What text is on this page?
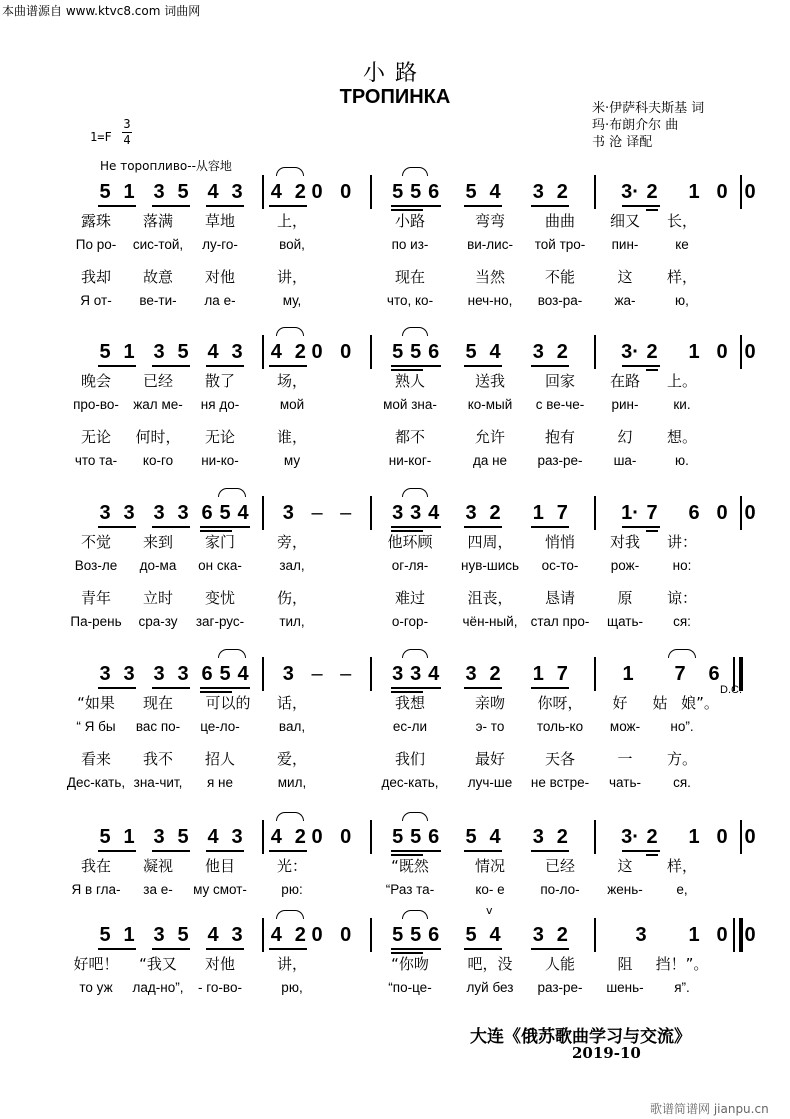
本曲谱源自 www.ktvc8.com 词曲网
小路
ТРОПИНКА
米·伊萨科夫斯基 词
玛·布朗介尔 曲
书 沧 译配
1=F
3
4
Не торопливо--从容地
5 1 3 5 4 3 4 2 0 0 5 5 6 5 4 3 2	3· 2 1 0 0
露珠 落满 草地	上，	小路	弯弯	曲曲 细又 长，
По ро- сис-той, лу-го-	вой,	по из-	ви-лис- той тро- пин-	ке
我却 故意 对他	讲，	现在	当然	不能	这 样，
Я от- ве-ти- ла е-	му,	что, ко-	неч-но, воз-ра- жа-	ю,
5 1 3 5 4 3 4 2 0 0 5 5 6 5 4 3 2	3· 2 1 0 0
晚会 已经 散了	场，	熟人	送我	回家 在路 上。
про-во- жал ме- ня до-	мой	мой зна- ко-мый с ве-че- рин-	ки.
无论 何时， 无论	谁，	都不	允许	抱有	幻 想。
что та- ко-го ни-ко-	му	ни-ког-	да не раз-ре- ша-	ю.
3 3 3 3 6 5 4 3 – – 3 3 4 3 2 1 7	1· 7 6 0 0
不觉 来到 家门	旁，	他环顾 四周， 悄悄 对我 讲：
Воз-ле до-ма он ска-	зал,	ог-ля- нув-шись ос-то- рож- но:
青年 立时 变忧	伤，	难过	沮丧， 恳请	原 谅：
Па-рень сра-зу заг-рус-	тил,	о-гор-	чён-ный, стал про- щать- ся:
3 3 3 3 6 5 4 3 – – 3 3 4 3 2 1 7	1 7 6
D.C.
“如果 现在 可以的 话，	我想	亲吻 你呀， 好 姑 娘”。
“ Я бы вас по- це-ло-	вал,	ес-ли	э- то толь-ко мож- но”.
看来 我不 招人	爱，	我们	最好	天各	一 方。
Дес-кать, зна-чит, я не	мил,	дес-кать, луч-ше не встре- чать- ся.
5 1 3 5 4 3 4 2 0 0 5 5 6 5 4 3 2	3· 2 1 0 0
我在 凝视 他目	光：	“既然	情况	已经	这 样，
Я в гла- за е- му смот-	рю:	“Раз та-	ко- е	по-ло- жень- е,
5 1 3 5 4 3 4 2 0 0 5 5 6 5 4 3 2	3 1 0 0
v
好吧！ “我又 对他	讲，	“你吻	吧，没 人能	阻 挡！”。
то уж лад-но”, - го-во-	рю,	“по-це-	луй без раз-ре- шень- я”.
大连《俄苏歌曲学习与交流》
2019-10
歌谱简谱网 jianpu.cn
